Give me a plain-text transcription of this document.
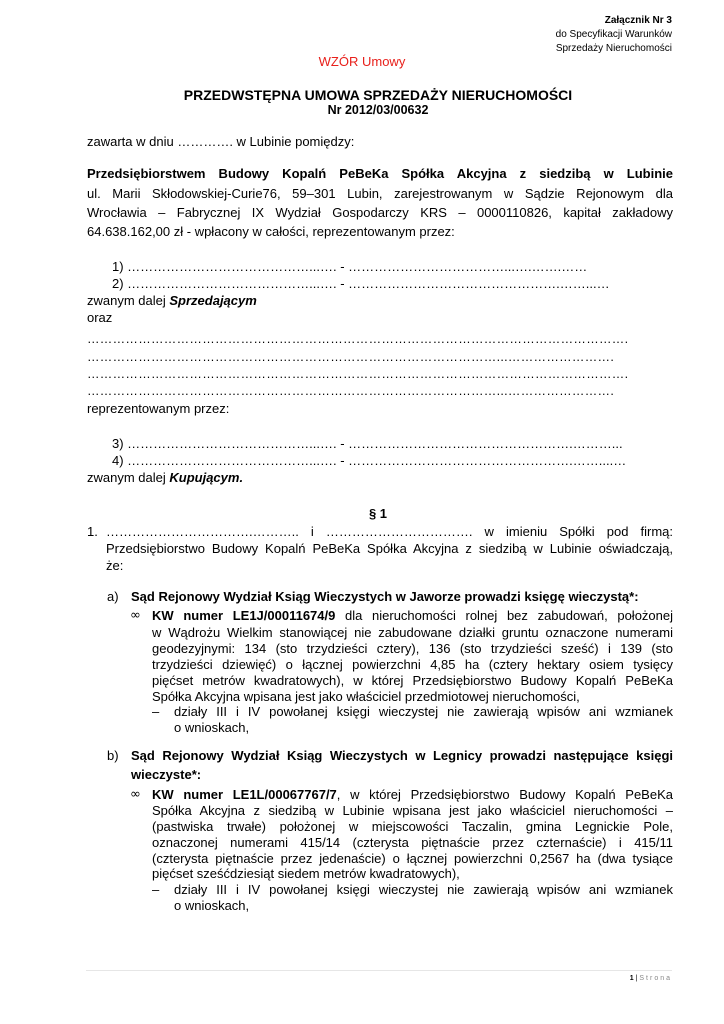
Załącznik Nr 3
do Specyfikacji Warunków
Sprzedaży Nieruchomości
WZÓR Umowy
PRZEDWSTĘPNA UMOWA SPRZEDAŻY NIERUCHOMOŚCI
Nr 2012/03/00632
zawarta w dniu …………. w Lubinie pomiędzy:
Przedsiębiorstwem Budowy Kopalń PeBeKa Spółka Akcyjna z siedzibą w Lubinie
ul. Marii Skłodowskiej-Curie76, 59–301 Lubin, zarejestrowanym w Sądzie Rejonowym dla
Wrocławia – Fabrycznej IX Wydział Gospodarczy KRS – 0000110826, kapitał zakładowy
64.638.162,00 zł - wpłacony w całości, reprezentowanym przez:
1) ……………………………………...…. - ………………………………...….…….……
2) ……………………………………...…. - ………………………………………….……...…
zwanym dalej Sprzedającym
oraz
……………………………………………………………………………………………………………….
……………………………………………………………………………………...…………………….
……………………………………………………………………………………………………………….
……………………………………………………………………………………...…………………….
reprezentowanym przez:
3) ……………………………………...…. - …………………………………………….………...
4) ……………………………………...…. - …………………………………………….……....…
zwanym dalej Kupującym.
§ 1
1. …………………………….……….. i ……………………………. w imieniu Spółki pod firmą:
Przedsiębiorstwo Budowy Kopalń PeBeKa Spółka Akcyjna z siedzibą w Lubinie oświadczają,
że:
a) Sąd Rejonowy Wydział Ksiąg Wieczystych w Jaworze prowadzi księgę wieczystą*:
∞ KW numer LE1J/00011674/9 dla nieruchomości rolnej bez zabudowań, położonej
w Wądrożu Wielkim stanowiącej nie zabudowane działki gruntu oznaczone numerami
geodezyjnymi: 134 (sto trzydzieści cztery), 136 (sto trzydzieści sześć) i 139 (sto
trzydzieści dziewięć) o łącznej powierzchni 4,85 ha (cztery hektary osiem tysięcy
pięćset metrów kwadratowych), w której Przedsiębiorstwo Budowy Kopalń PeBeKa
Spółka Akcyjna wpisana jest jako właściciel przedmiotowej nieruchomości,
– działy III i IV powołanej księgi wieczystej nie zawierają wpisów ani wzmianek
o wnioskach,
b) Sąd Rejonowy Wydział Ksiąg Wieczystych w Legnicy prowadzi następujące księgi
wieczyste*:
∞ KW numer LE1L/00067767/7, w której Przedsiębiorstwo Budowy Kopalń PeBeKa
Spółka Akcyjna z siedzibą w Lubinie wpisana jest jako właściciel nieruchomości –
(pastwiska trwałe) położonej w miejscowości Taczalin, gmina Legnickie Pole,
oznaczonej numerami 415/14 (czterysta piętnaście przez czternaście) i 415/11
(czterysta piętnaście przez jedenaście) o łącznej powierzchni 0,2567 ha (dwa tysiące
pięćset sześćdziesiąt siedem metrów kwadratowych),
– działy III i IV powołanej księgi wieczystej nie zawierają wpisów ani wzmianek
o wnioskach,
1 | Strona
